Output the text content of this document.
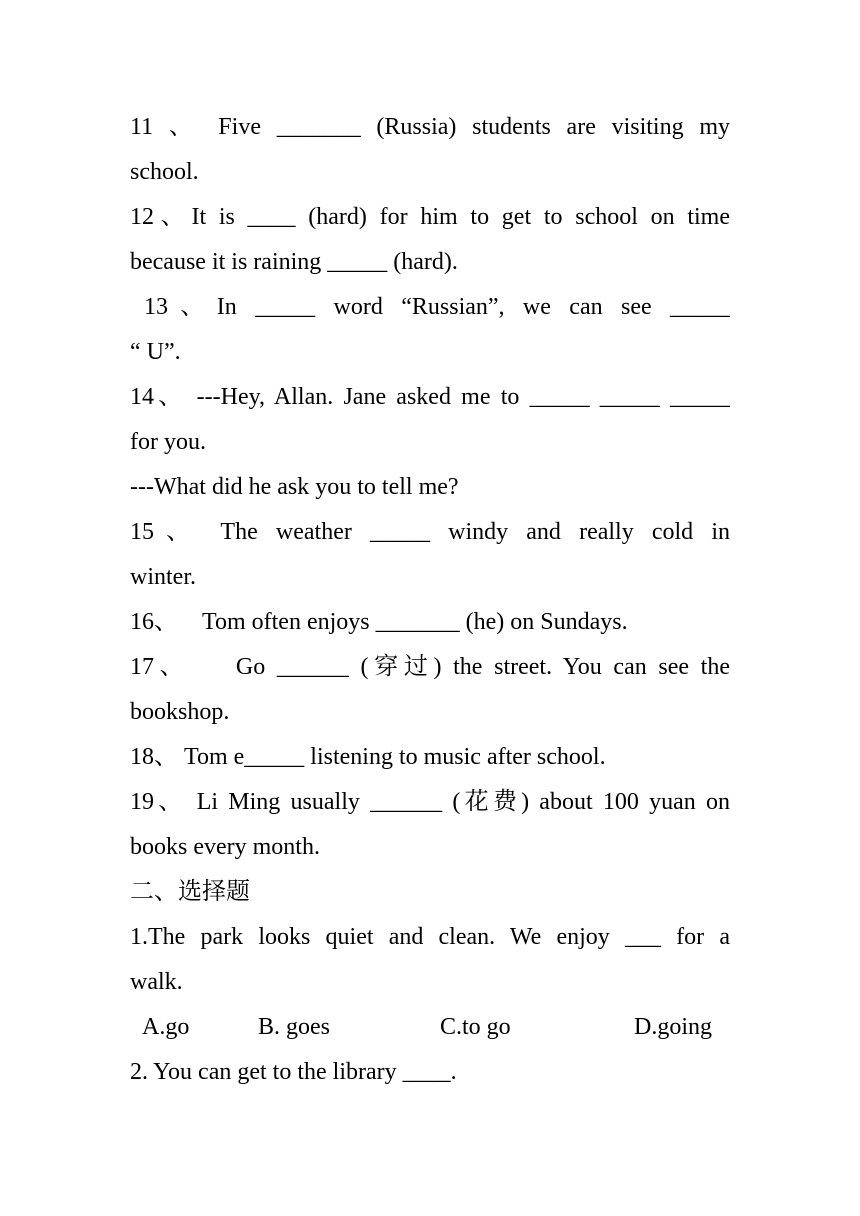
11 、 Five _______ (Russia) students are visiting my
school.
12、It is ____ (hard) for him to get to school on time
because it is raining _____ (hard).
13、In _____ word “Russian”, we can see _____
“ U”.
14、 ---Hey, Allan. Jane asked me to _____ _____ _____
for you.
---What did he ask you to tell me?
15、 The weather _____ windy and really cold in
winter.
16、    Tom often enjoys _______ (he) on Sundays.
17、    Go ______ (穿过) the street. You can see the
bookshop.
18、 Tom e_____ listening to music after school.
19、 Li Ming usually ______ (花费) about 100 yuan on
books every month.
二、选择题
1.The park looks quiet and clean. We enjoy ___ for a
walk.
A.go	B. goes	C.to go	D.going
2. You can get to the library ____.
